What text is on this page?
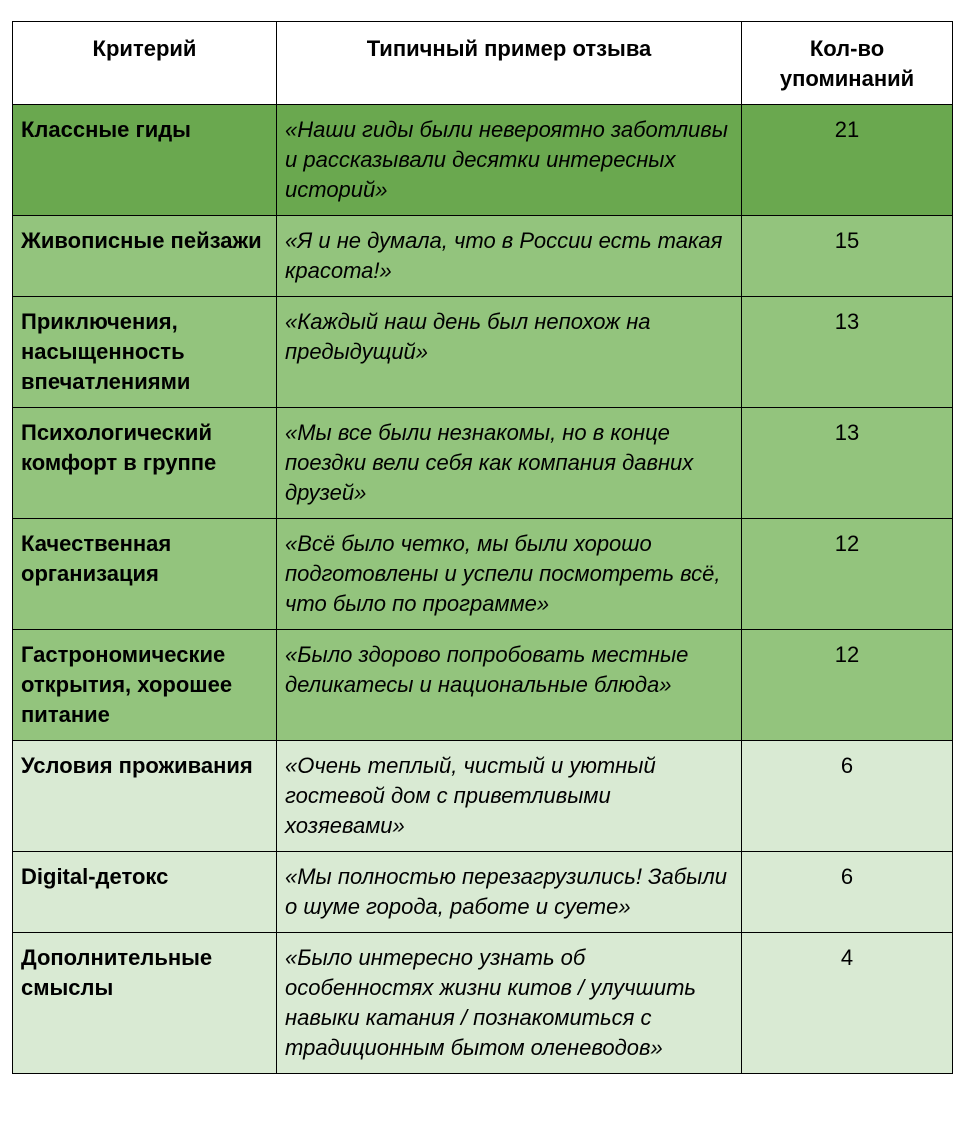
Критерий	Типичный пример отзыва	Кол-во упоминаний
Классные гиды	«Наши гиды были невероятно заботливы и рассказывали десятки интересных историй»	21
Живописные пейзажи	«Я и не думала, что в России есть такая красота!»	15
Приключения, насыщенность впечатлениями	«Каждый наш день был непохож на предыдущий»	13
Психологический комфорт в группе	«Мы все были незнакомы, но в конце поездки вели себя как компания давних друзей»	13
Качественная организация	«Всё было четко, мы были хорошо подготовлены и успели посмотреть всё, что было по программе»	12
Гастрономические открытия, хорошее питание	«Было здорово попробовать местные деликатесы и национальные блюда»	12
Условия проживания	«Очень теплый, чистый и уютный гостевой дом с приветливыми хозяевами»	6
Digital-детокс	«Мы полностью перезагрузились! Забыли о шуме города, работе и суете»	6
Дополнительные смыслы	«Было интересно узнать об особенностях жизни китов / улучшить навыки катания / познакомиться с традиционным бытом оленеводов»	4
